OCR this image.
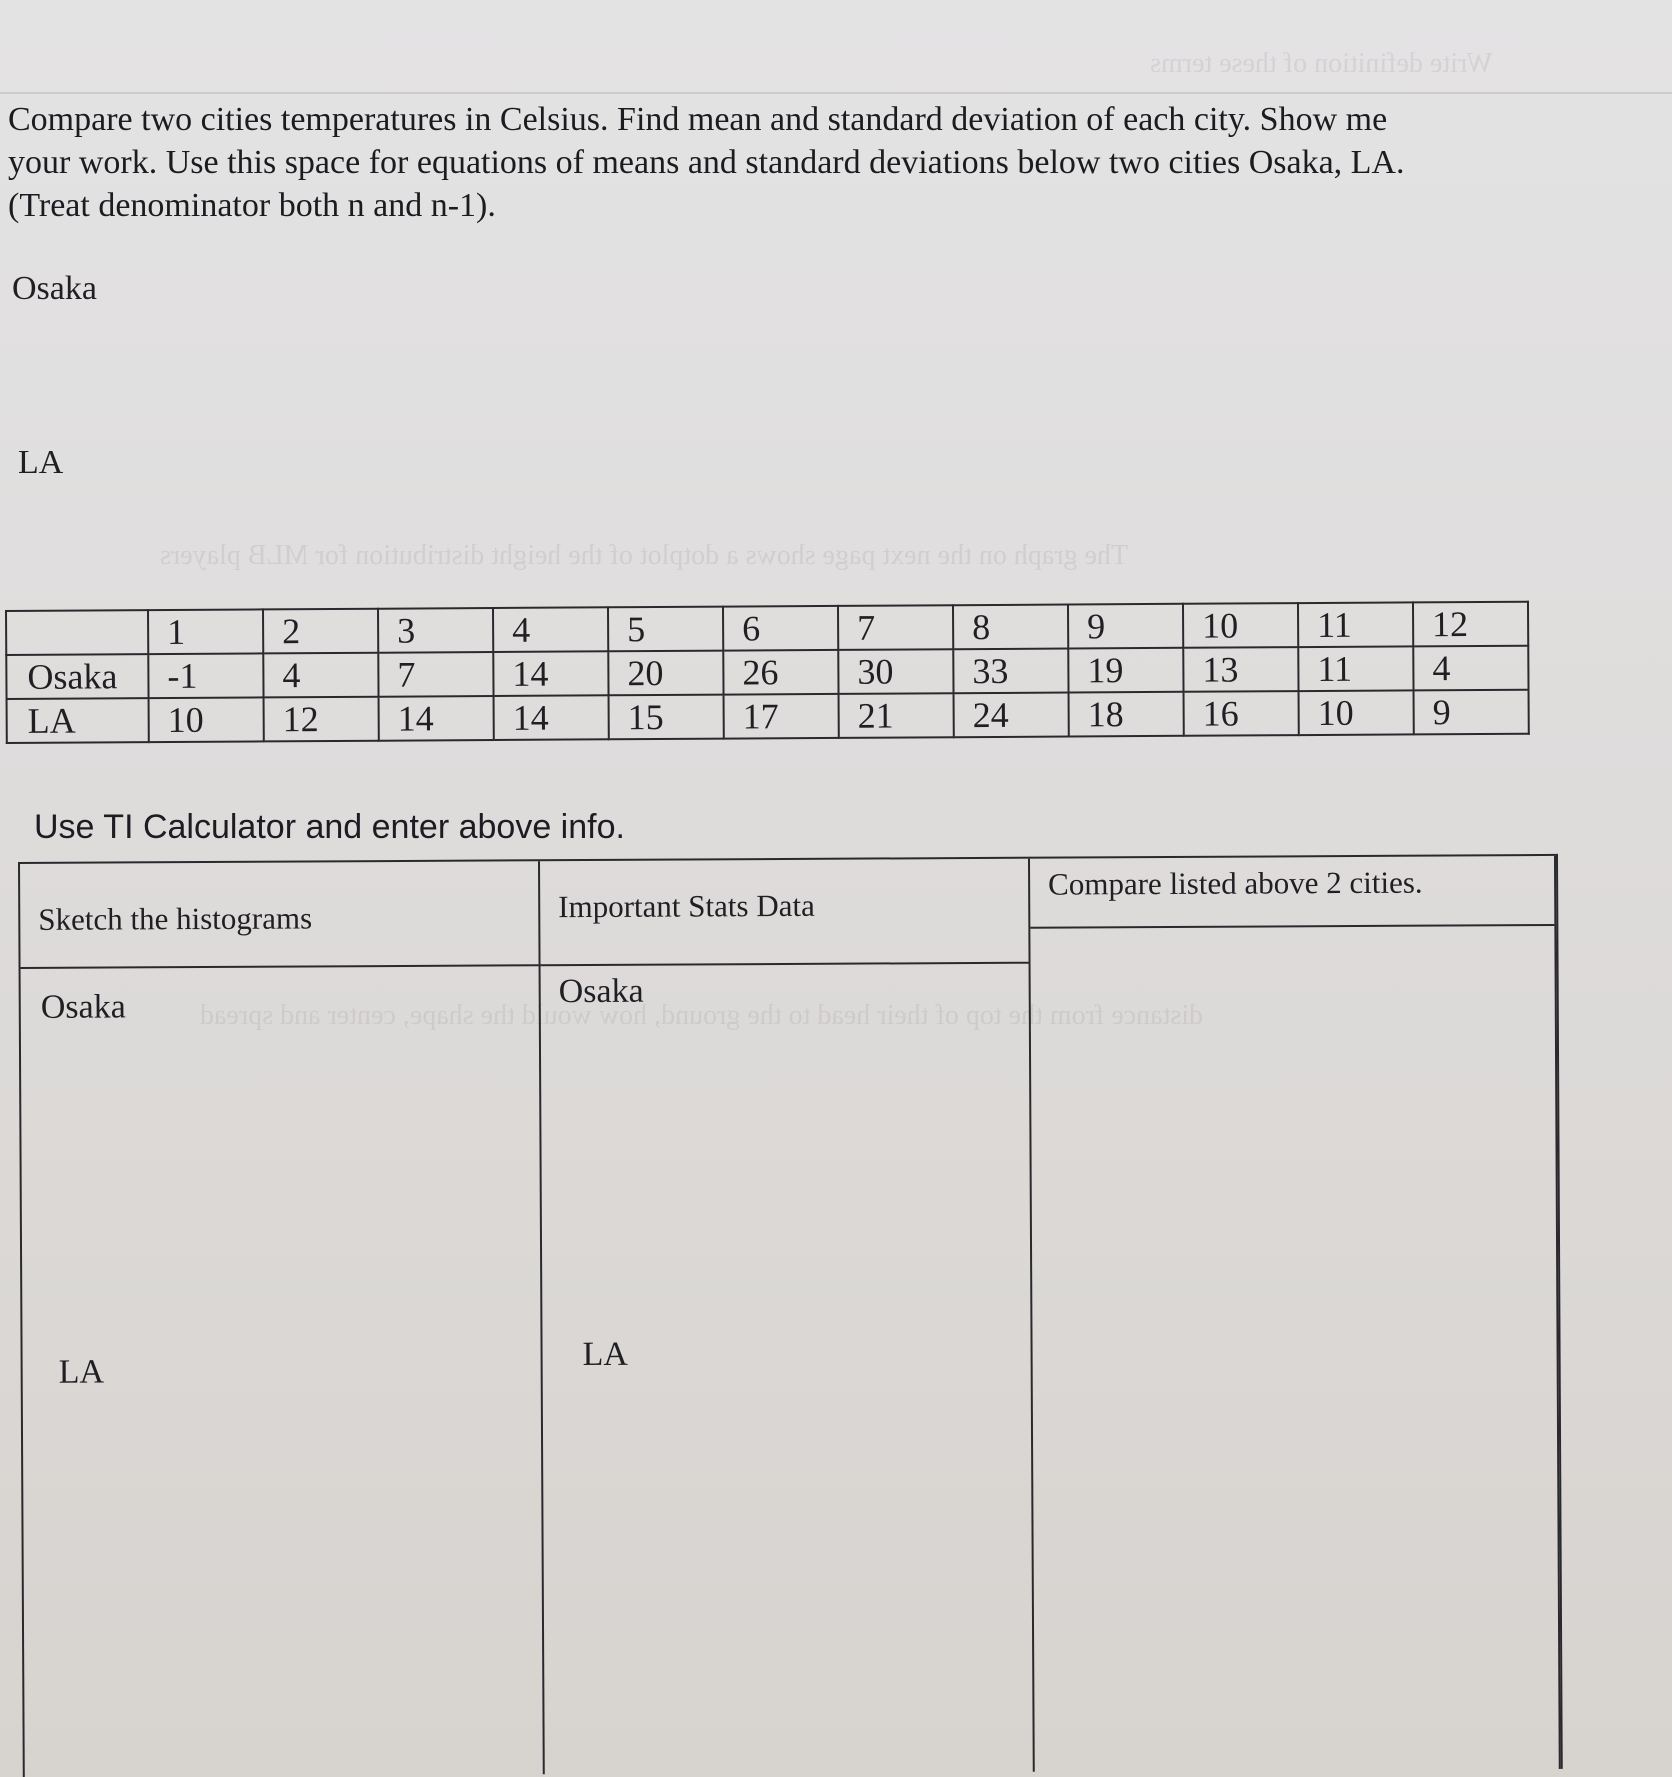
Write definition of these terms
The graph on the next page shows a dotplot of the height distribution for MLB players
distance from the top of their head to the ground, how would the shape, center and spread
Compare two cities temperatures in Celsius. Find mean and standard deviation of each city. Show me
your work. Use this space for equations of means and standard deviations below two cities Osaka, LA.
(Treat denominator both n and n-1).
Osaka
LA
	1	2	3	4	5	6	7	8	9	10	11	12
Osaka	-1	4	7	14	20	26	30	33	19	13	11	4
LA	10	12	14	14	15	17	21	24	18	16	10	9
Use TI Calculator and enter above info.
Sketch the histograms
Osaka
LA
Important Stats Data
Osaka
LA
Compare listed above 2 cities.
